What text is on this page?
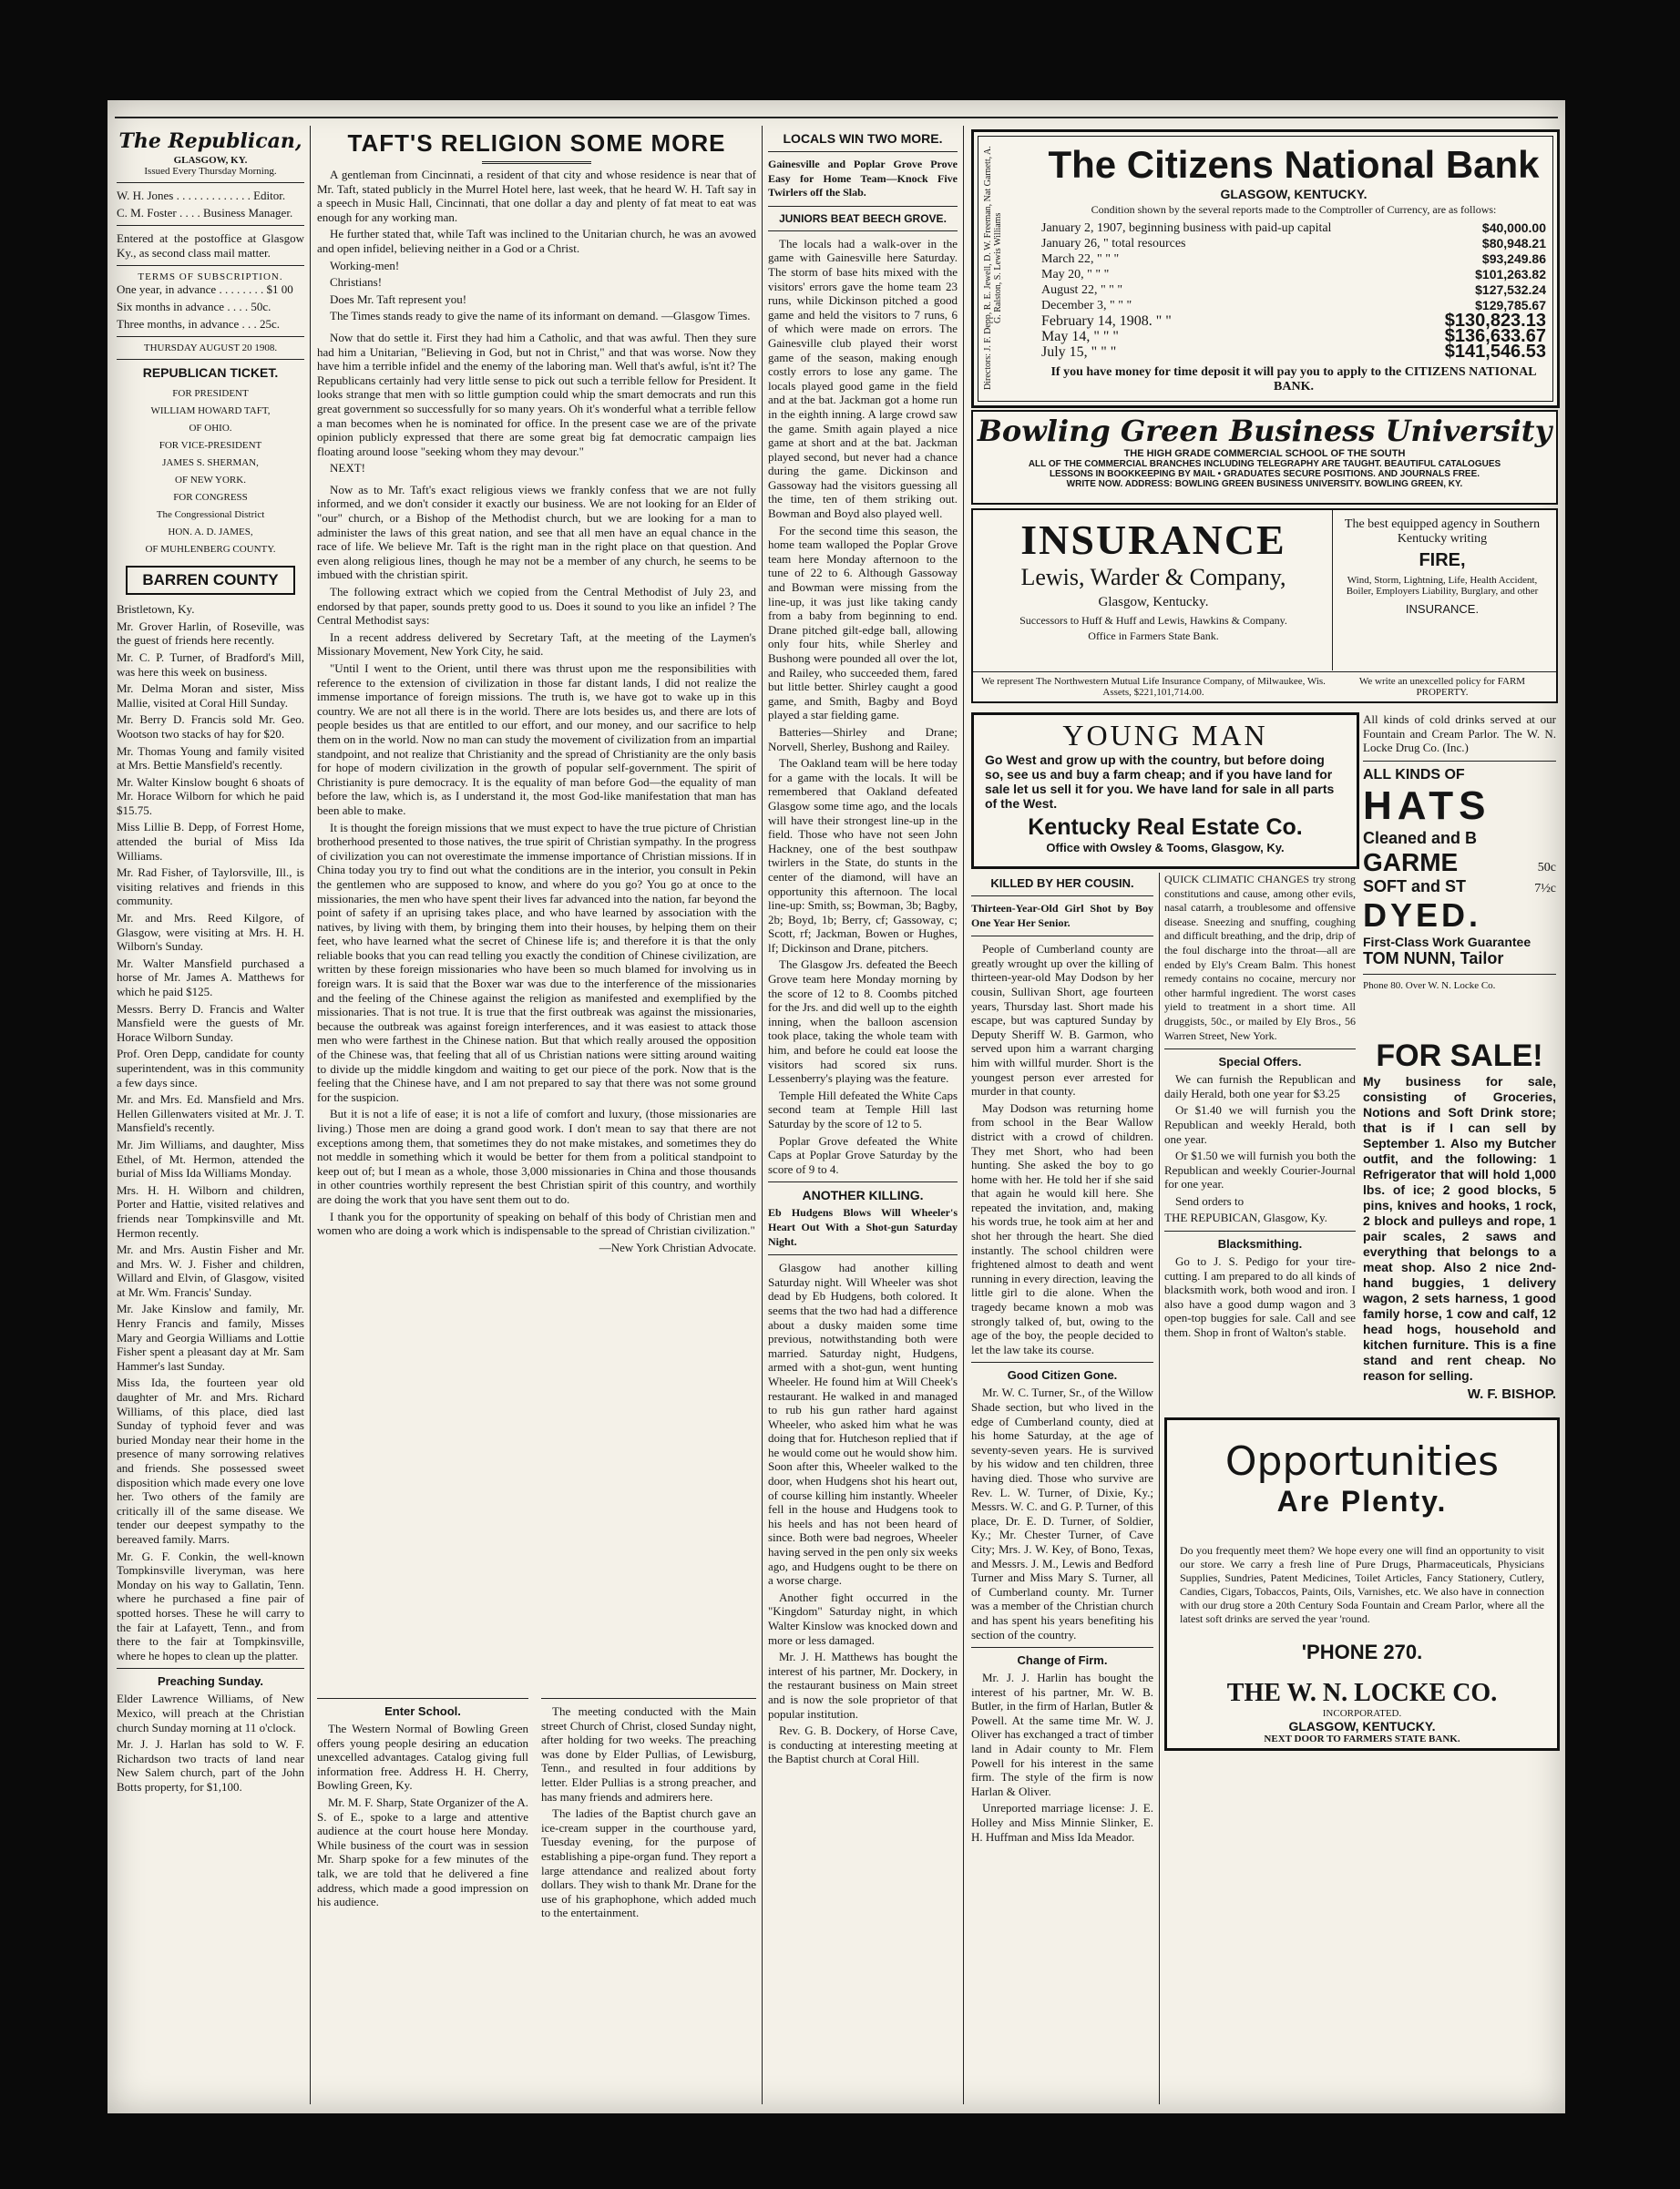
The Republican,
GLASGOW, KY.
Issued Every Thursday Morning.

W. H. Jones . . . . . . . . . . . . . Editor.

C. M. Foster . . . . Business Manager.

Entered at the postoffice at Glasgow Ky., as second class mail matter.

TERMS OF SUBSCRIPTION.

One year, in advance . . . . . . . . $1 00

Six months in advance . . . . 50c.

Three months, in advance . . . 25c.

THURSDAY AUGUST 20 1908.
REPUBLICAN TICKET.
FOR PRESIDENT
WILLIAM HOWARD TAFT,
OF OHIO.
FOR VICE-PRESIDENT
JAMES S. SHERMAN,
OF NEW YORK.
FOR CONGRESS
The Congressional District
HON. A. D. JAMES,
OF MUHLENBERG COUNTY.
BARREN COUNTY

Bristletown, Ky.

Mr. Grover Harlin, of Roseville, was the guest of friends here recently.

Mr. C. P. Turner, of Bradford's Mill, was here this week on business.

Mr. Delma Moran and sister, Miss Mallie, visited at Coral Hill Sunday.

Mr. Berry D. Francis sold Mr. Geo. Wootson two stacks of hay for $20.

Mr. Thomas Young and family visited at Mrs. Bettie Mansfield's recently.

Mr. Walter Kinslow bought 6 shoats of Mr. Horace Wilborn for which he paid $15.75.

Miss Lillie B. Depp, of Forrest Home, attended the burial of Miss Ida Williams.

Mr. Rad Fisher, of Taylorsville, Ill., is visiting relatives and friends in this community.

Mr. and Mrs. Reed Kilgore, of Glasgow, were visiting at Mrs. H. H. Wilborn's Sunday.

Mr. Walter Mansfield purchased a horse of Mr. James A. Matthews for which he paid $125.

Messrs. Berry D. Francis and Walter Mansfield were the guests of Mr. Horace Wilborn Sunday.

Prof. Oren Depp, candidate for county superintendent, was in this community a few days since.

Mr. and Mrs. Ed. Mansfield and Mrs. Hellen Gillenwaters visited at Mr. J. T. Mansfield's recently.

Mr. Jim Williams, and daughter, Miss Ethel, of Mt. Hermon, attended the burial of Miss Ida Williams Monday.

Mrs. H. H. Wilborn and children, Porter and Hattie, visited relatives and friends near Tompkinsville and Mt. Hermon recently.

Mr. and Mrs. Austin Fisher and Mr. and Mrs. W. J. Fisher and children, Willard and Elvin, of Glasgow, visited at Mr. Wm. Francis' Sunday.

Mr. Jake Kinslow and family, Mr. Henry Francis and family, Misses Mary and Georgia Williams and Lottie Fisher spent a pleasant day at Mr. Sam Hammer's last Sunday.

Miss Ida, the fourteen year old daughter of Mr. and Mrs. Richard Williams, of this place, died last Sunday of typhoid fever and was buried Monday near their home in the presence of many sorrowing relatives and friends. She possessed sweet disposition which made every one love her. Two others of the family are critically ill of the same disease. We tender our deepest sympathy to the bereaved family. Marrs.

Mr. G. F. Conkin, the well-known Tompkinsville liveryman, was here Monday on his way to Gallatin, Tenn. where he purchased a fine pair of spotted horses. These he will carry to the fair at Lafayett, Tenn., and from there to the fair at Tompkinsville, where he hopes to clean up the platter.

Preaching Sunday.

Elder Lawrence Williams, of New Mexico, will preach at the Christian church Sunday morning at 11 o'clock.

Mr. J. J. Harlan has sold to W. F. Richardson two tracts of land near New Salem church, part of the John Botts property, for $1,100.

TAFT'S RELIGION SOME MORE

A gentleman from Cincinnati, a resident of that city and whose residence is near that of Mr. Taft, stated publicly in the Murrel Hotel here, last week, that he heard W. H. Taft say in a speech in Music Hall, Cincinnati, that one dollar a day and plenty of fat meat to eat was enough for any working man.

He further stated that, while Taft was inclined to the Unitarian church, he was an avowed and open infidel, believing neither in a God or a Christ.

Working-men!

Christians!

Does Mr. Taft represent you!

The Times stands ready to give the name of its informant on demand. —Glasgow Times.

Now that do settle it. First they had him a Catholic, and that was awful. Then they sure had him a Unitarian, "Believing in God, but not in Christ," and that was worse. Now they have him a terrible infidel and the enemy of the laboring man. Well that's awful, is'nt it? The Republicans certainly had very little sense to pick out such a terrible fellow for President. It looks strange that men with so little gumption could whip the smart democrats and run this great government so successfully for so many years. Oh it's wonderful what a terrible fellow a man becomes when he is nominated for office. In the present case we are of the private opinion publicly expressed that there are some great big fat democratic campaign lies floating around loose "seeking whom they may devour."

NEXT!

Now as to Mr. Taft's exact religious views we frankly confess that we are not fully informed, and we don't consider it exactly our business. We are not looking for an Elder of "our" church, or a Bishop of the Methodist church, but we are looking for a man to administer the laws of this great nation, and see that all men have an equal chance in the race of life. We believe Mr. Taft is the right man in the right place on that question. And even along religious lines, though he may not be a member of any church, he seems to be imbued with the christian spirit.

The following extract which we copied from the Central Methodist of July 23, and endorsed by that paper, sounds pretty good to us. Does it sound to you like an infidel ? The Central Methodist says:

In a recent address delivered by Secretary Taft, at the meeting of the Laymen's Missionary Movement, New York City, he said.

"Until I went to the Orient, until there was thrust upon me the responsibilities with reference to the extension of civilization in those far distant lands, I did not realize the immense importance of foreign missions. The truth is, we have got to wake up in this country. We are not all there is in the world. There are lots besides us, and there are lots of people besides us that are entitled to our effort, and our money, and our sacrifice to help them on in the world. Now no man can study the movement of civilization from an impartial standpoint, and not realize that Christianity and the spread of Christianity are the only basis for hope of modern civilization in the growth of popular self-government. The spirit of Christianity is pure democracy. It is the equality of man before God—the equality of man before the law, which is, as I understand it, the most God-like manifestation that man has been able to make.

It is thought the foreign missions that we must expect to have the true picture of Christian brotherhood presented to those natives, the true spirit of Christian sympathy. In the progress of civilization you can not overestimate the immense importance of Christian missions. If in China today you try to find out what the conditions are in the interior, you consult in Pekin the gentlemen who are supposed to know, and where do you go? You go at once to the missionaries, the men who have spent their lives far advanced into the nation, far beyond the point of safety if an uprising takes place, and who have learned by association with the natives, by living with them, by bringing them into their houses, by helping them on their feet, who have learned what the secret of Chinese life is; and therefore it is that the only reliable books that you can read telling you exactly the condition of Chinese civilization, are written by these foreign missionaries who have been so much blamed for involving us in foreign wars. It is said that the Boxer war was due to the interference of the missionaries and the feeling of the Chinese against the religion as manifested and exemplified by the missionaries. That is not true. It is true that the first outbreak was against the missionaries, because the outbreak was against foreign interferences, and it was easiest to attack those men who were farthest in the Chinese nation. But that which really aroused the opposition of the Chinese was, that feeling that all of us Christian nations were sitting around waiting to divide up the middle kingdom and waiting to get our piece of the pork. Now that is the feeling that the Chinese have, and I am not prepared to say that there was not some ground for the suspicion.

But it is not a life of ease; it is not a life of comfort and luxury, (those missionaries are living.) Those men are doing a grand good work. I don't mean to say that there are not exceptions among them, that sometimes they do not make mistakes, and sometimes they do not meddle in something which it would be better for them from a political standpoint to keep out of; but I mean as a whole, those 3,000 missionaries in China and those thousands in other countries worthily represent the best Christian spirit of this country, and worthily are doing the work that you have sent them out to do.

I thank you for the opportunity of speaking on behalf of this body of Christian men and women who are doing a work which is indispensable to the spread of Christian civilization."

—New York Christian Advocate.

Enter School.

The Western Normal of Bowling Green offers young people desiring an education unexcelled advantages. Catalog giving full information free. Address H. H. Cherry, Bowling Green, Ky.

Mr. M. F. Sharp, State Organizer of the A. S. of E., spoke to a large and attentive audience at the court house here Monday. While business of the court was in session Mr. Sharp spoke for a few minutes of the talk, we are told that he delivered a fine address, which made a good impression on his audience.

The meeting conducted with the Main street Church of Christ, closed Sunday night, after holding for two weeks. The preaching was done by Elder Pullias, of Lewisburg, Tenn., and resulted in four additions by letter. Elder Pullias is a strong preacher, and has many friends and admirers here.

The ladies of the Baptist church gave an ice-cream supper in the courthouse yard, Tuesday evening, for the purpose of establishing a pipe-organ fund. They report a large attendance and realized about forty dollars. They wish to thank Mr. Drane for the use of his graphophone, which added much to the entertainment.

LOCALS WIN TWO MORE.

Gainesville and Poplar Grove Prove Easy for Home Team—Knock Five Twirlers off the Slab.

JUNIORS BEAT BEECH GROVE.

The locals had a walk-over in the game with Gainesville here Saturday. The storm of base hits mixed with the visitors' errors gave the home team 23 runs, while Dickinson pitched a good game and held the visitors to 7 runs, 6 of which were made on errors. The Gainesville club played their worst game of the season, making enough costly errors to lose any game. The locals played good game in the field and at the bat. Jackman got a home run in the eighth inning. A large crowd saw the game. Smith again played a nice game at short and at the bat. Jackman played second, but never had a chance during the game. Dickinson and Gassoway had the visitors guessing all the time, ten of them striking out. Bowman and Boyd also played well.

For the second time this season, the home team walloped the Poplar Grove team here Monday afternoon to the tune of 22 to 6. Although Gassoway and Bowman were missing from the line-up, it was just like taking candy from a baby from beginning to end. Drane pitched gilt-edge ball, allowing only four hits, while Sherley and Bushong were pounded all over the lot, and Railey, who succeeded them, fared but little better. Shirley caught a good game, and Smith, Bagby and Boyd played a star fielding game.

Batteries—Shirley and Drane; Norvell, Sherley, Bushong and Railey.

The Oakland team will be here today for a game with the locals. It will be remembered that Oakland defeated Glasgow some time ago, and the locals will have their strongest line-up in the field. Those who have not seen John Hackney, one of the best southpaw twirlers in the State, do stunts in the center of the diamond, will have an opportunity this afternoon. The local line-up: Smith, ss; Bowman, 3b; Bagby, 2b; Boyd, 1b; Berry, cf; Gassoway, c; Scott, rf; Jackman, Bowen or Hughes, lf; Dickinson and Drane, pitchers.

The Glasgow Jrs. defeated the Beech Grove team here Monday morning by the score of 12 to 8. Coombs pitched for the Jrs. and did well up to the eighth inning, when the balloon ascension took place, taking the whole team with him, and before he could eat loose the visitors had scored six runs. Lessenberry's playing was the feature.

Temple Hill defeated the White Caps second team at Temple Hill last Saturday by the score of 12 to 5.

Poplar Grove defeated the White Caps at Poplar Grove Saturday by the score of 9 to 4.

ANOTHER KILLING.

Eb Hudgens Blows Will Wheeler's Heart Out With a Shot-gun Saturday Night.

Glasgow had another killing Saturday night. Will Wheeler was shot dead by Eb Hudgens, both colored. It seems that the two had had a difference about a dusky maiden some time previous, notwithstanding both were married. Saturday night, Hudgens, armed with a shot-gun, went hunting Wheeler. He found him at Will Cheek's restaurant. He walked in and managed to rub his gun rather hard against Wheeler, who asked him what he was doing that for. Hutcheson replied that if he would come out he would show him. Soon after this, Wheeler walked to the door, when Hudgens shot his heart out, of course killing him instantly. Wheeler fell in the house and Hudgens took to his heels and has not been heard of since. Both were bad negroes, Wheeler having served in the pen only six weeks ago, and Hudgens ought to be there on a worse charge.

Another fight occurred in the "Kingdom" Saturday night, in which Walter Kinslow was knocked down and more or less damaged.

Mr. J. H. Matthews has bought the interest of his partner, Mr. Dockery, in the restaurant business on Main street and is now the sole proprietor of that popular institution.

Rev. G. B. Dockery, of Horse Cave, is conducting at interesting meeting at the Baptist church at Coral Hill.

Directors: J. F. Depp, R. E. Jewell, D. W. Freeman, Nat Garnett, A. G. Ralston, S. Lewis Williams
The Citizens National Bank
GLASGOW, KENTUCKY.
Condition shown by the several reports made to the Comptroller of Currency, are as follows:
January 2, 1907, beginning business with paid-up capital	$40,000.00
January 26, " total resources	$80,948.21
March 22, " " "	$93,249.86
May 20, " " "	$101,263.82
August 22, " " "	$127,532.24
December 3, " " "	$129,785.67
February 14, 1908. " "	$130,823.13
May 14, " " "	$136,633.67
July 15, " " "	$141,546.53
If you have money for time deposit it will pay you to apply to the CITIZENS NATIONAL BANK.
Bowling Green Business University
THE HIGH GRADE COMMERCIAL SCHOOL OF THE SOUTH
ALL OF THE COMMERCIAL BRANCHES INCLUDING TELEGRAPHY ARE TAUGHT. BEAUTIFUL CATALOGUES
LESSONS IN BOOKKEEPING BY MAIL • GRADUATES SECURE POSITIONS. AND JOURNALS FREE.
WRITE NOW. ADDRESS: BOWLING GREEN BUSINESS UNIVERSITY. BOWLING GREEN, KY.
INSURANCE
Lewis, Warder & Company,
Glasgow, Kentucky.
Successors to Huff & Huff and Lewis, Hawkins & Company.
Office in Farmers State Bank.
The best equipped agency in Southern Kentucky writing
FIRE,
Wind, Storm, Lightning, Life, Health Accident, Boiler, Employers Liability, Burglary, and other
INSURANCE.
We represent The Northwestern Mutual Life Insurance Company, of Milwaukee, Wis. Assets, $221,101,714.00.
We write an unexcelled policy for FARM PROPERTY.
YOUNG MAN
Go West and grow up with the country, but before doing so, see us and buy a farm cheap; and if you have land for sale let us sell it for you. We have land for sale in all parts of the West.
Kentucky Real Estate Co.
Office with Owsley & Tooms, Glasgow, Ky.

All kinds of cold drinks served at our Fountain and Cream Parlor. The W. N. Locke Drug Co. (Inc.)

ALL KINDS OF
HATS
Cleaned and B
GARME	50c
SOFT and ST	7½c
DYED.
First-Class Work Guarantee
TOM NUNN, Tailor
Phone 80. Over W. N. Locke Co.
KILLED BY HER COUSIN.

Thirteen-Year-Old Girl Shot by Boy One Year Her Senior.

People of Cumberland county are greatly wrought up over the killing of thirteen-year-old May Dodson by her cousin, Sullivan Short, age fourteen years, Thursday last. Short made his escape, but was captured Sunday by Deputy Sheriff W. B. Garmon, who served upon him a warrant charging him with willful murder. Short is the youngest person ever arrested for murder in that county.

May Dodson was returning home from school in the Bear Wallow district with a crowd of children. They met Short, who had been hunting. She asked the boy to go home with her. He told her if she said that again he would kill here. She repeated the invitation, and, making his words true, he took aim at her and shot her through the heart. She died instantly. The school children were frightened almost to death and went running in every direction, leaving the little girl to die alone. When the tragedy became known a mob was strongly talked of, but, owing to the age of the boy, the people decided to let the law take its course.

Good Citizen Gone.

Mr. W. C. Turner, Sr., of the Willow Shade section, but who lived in the edge of Cumberland county, died at his home Saturday, at the age of seventy-seven years. He is survived by his widow and ten children, three having died. Those who survive are Rev. L. W. Turner, of Dixie, Ky.; Messrs. W. C. and G. P. Turner, of this place, Dr. E. D. Turner, of Soldier, Ky.; Mr. Chester Turner, of Cave City; Mrs. J. W. Key, of Bono, Texas, and Messrs. J. M., Lewis and Bedford Turner and Miss Mary S. Turner, all of Cumberland county. Mr. Turner was a member of the Christian church and has spent his years benefiting his section of the country.

Change of Firm.

Mr. J. J. Harlin has bought the interest of his partner, Mr. W. B. Butler, in the firm of Harlan, Butler & Powell. At the same time Mr. W. J. Oliver has exchanged a tract of timber land in Adair county to Mr. Flem Powell for his interest in the same firm. The style of the firm is now Harlan & Oliver.

Unreported marriage license: J. E. Holley and Miss Minnie Slinker, E. H. Huffman and Miss Ida Meador.

QUICK CLIMATIC CHANGES try strong constitutions and cause, among other evils, nasal catarrh, a troublesome and offensive disease. Sneezing and snuffing, coughing and difficult breathing, and the drip, drip of the foul discharge into the throat—all are ended by Ely's Cream Balm. This honest remedy contains no cocaine, mercury nor other harmful ingredient. The worst cases yield to treatment in a short time. All druggists, 50c., or mailed by Ely Bros., 56 Warren Street, New York.

Special Offers.

We can furnish the Republican and daily Herald, both one year for $3.25

Or $1.40 we will furnish you the Republican and weekly Herald, both one year.

Or $1.50 we will furnish you both the Republican and weekly Courier-Journal for one year.

Send orders to

THE REPUBICAN, Glasgow, Ky.

Blacksmithing.

Go to J. S. Pedigo for your tire-cutting. I am prepared to do all kinds of blacksmith work, both wood and iron. I also have a good dump wagon and 3 open-top buggies for sale. Call and see them. Shop in front of Walton's stable.

FOR SALE!

My business for sale, consisting of Groceries, Notions and Soft Drink store; that is if I can sell by September 1. Also my Butcher outfit, and the following: 1 Refrigerator that will hold 1,000 lbs. of ice; 2 good blocks, 5 pins, knives and hooks, 1 rock, 2 block and pulleys and rope, 1 pair scales, 2 saws and everything that belongs to a meat shop. Also 2 nice 2nd-hand buggies, 1 delivery wagon, 2 sets harness, 1 good family horse, 1 cow and calf, 12 head hogs, household and kitchen furniture. This is a fine stand and rent cheap. No reason for selling.

W. F. BISHOP.
Opportunities
Are Plenty.

Do you frequently meet them? We hope every one will find an opportunity to visit our store. We carry a fresh line of Pure Drugs, Pharmaceuticals, Physicians Supplies, Sundries, Patent Medicines, Toilet Articles, Fancy Stationery, Cutlery, Candies, Cigars, Tobaccos, Paints, Oils, Varnishes, etc. We also have in connection with our drug store a 20th Century Soda Fountain and Cream Parlor, where all the latest soft drinks are served the year 'round.

'PHONE 270.
THE W. N. LOCKE CO.
INCORPORATED.
GLASGOW, KENTUCKY.
NEXT DOOR TO FARMERS STATE BANK.
